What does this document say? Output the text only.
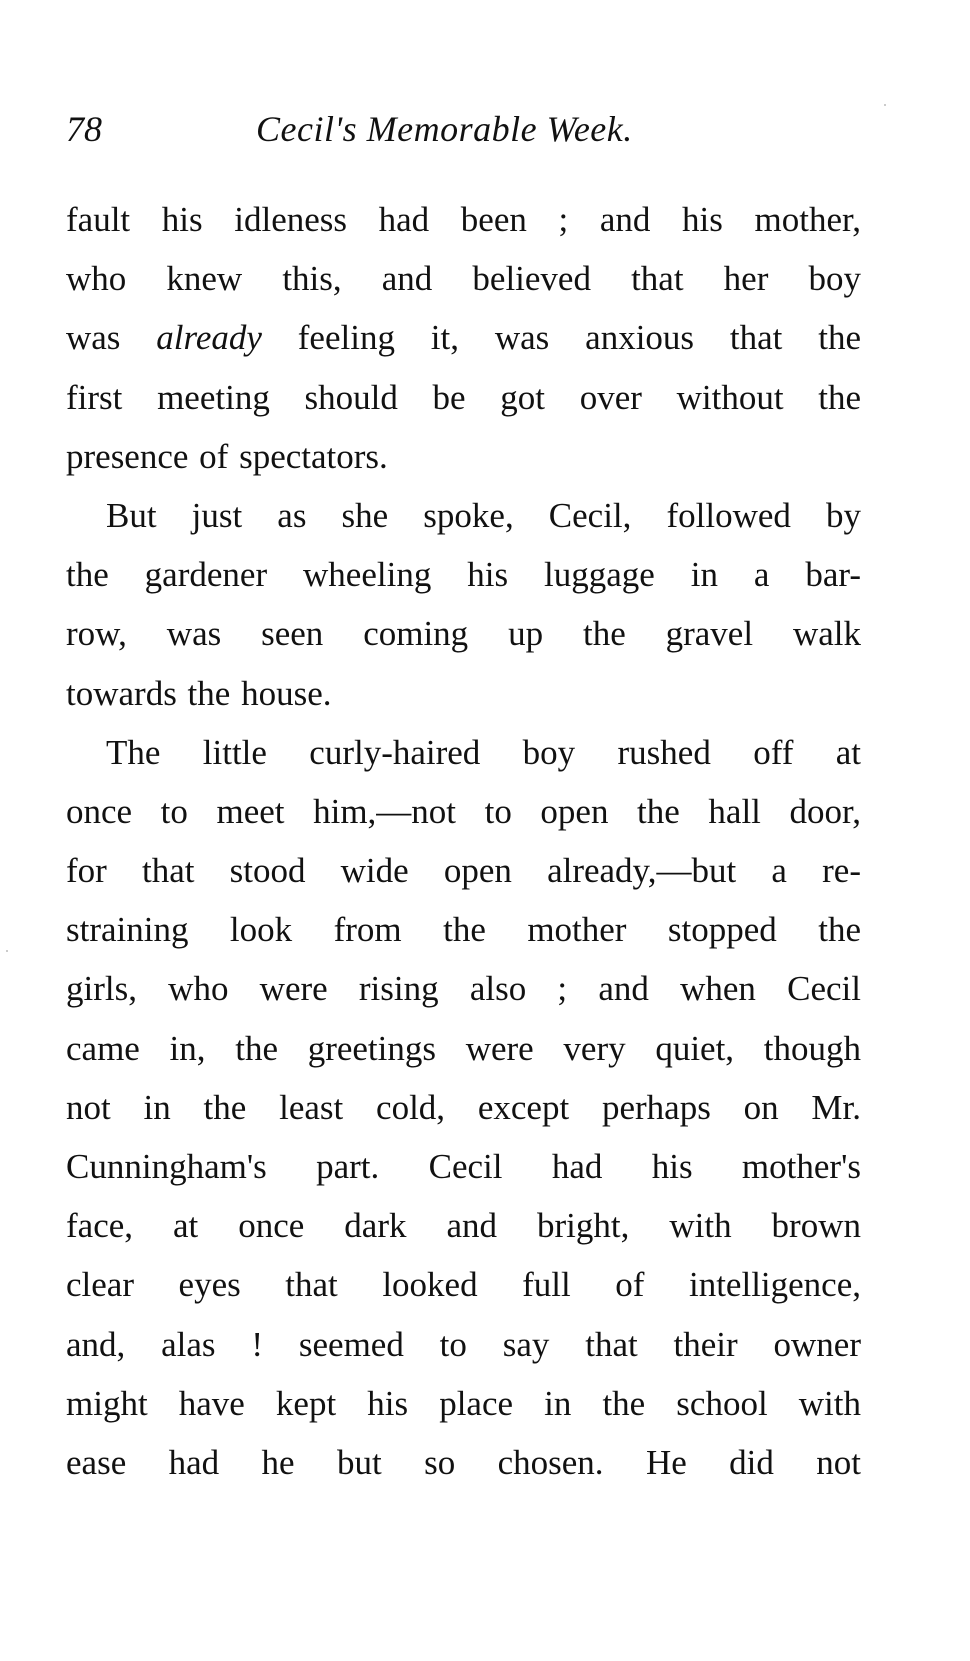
78	Cecil's Memorable Week.
fault his idleness had been ; and his mother,
who knew this, and believed that her boy
was already feeling it, was anxious that the
first meeting should be got over without the
presence of spectators.
But just as she spoke, Cecil, followed by
the gardener wheeling his luggage in a bar-
row, was seen coming up the gravel walk
towards the house.
The little curly-haired boy rushed off at
once to meet him,—not to open the hall door,
for that stood wide open already,—but a re-
straining look from the mother stopped the
girls, who were rising also ; and when Cecil
came in, the greetings were very quiet, though
not in the least cold, except perhaps on Mr.
Cunningham's part. Cecil had his mother's
face, at once dark and bright, with brown
clear eyes that looked full of intelligence,
and, alas ! seemed to say that their owner
might have kept his place in the school with
ease had he but so chosen. He did not
